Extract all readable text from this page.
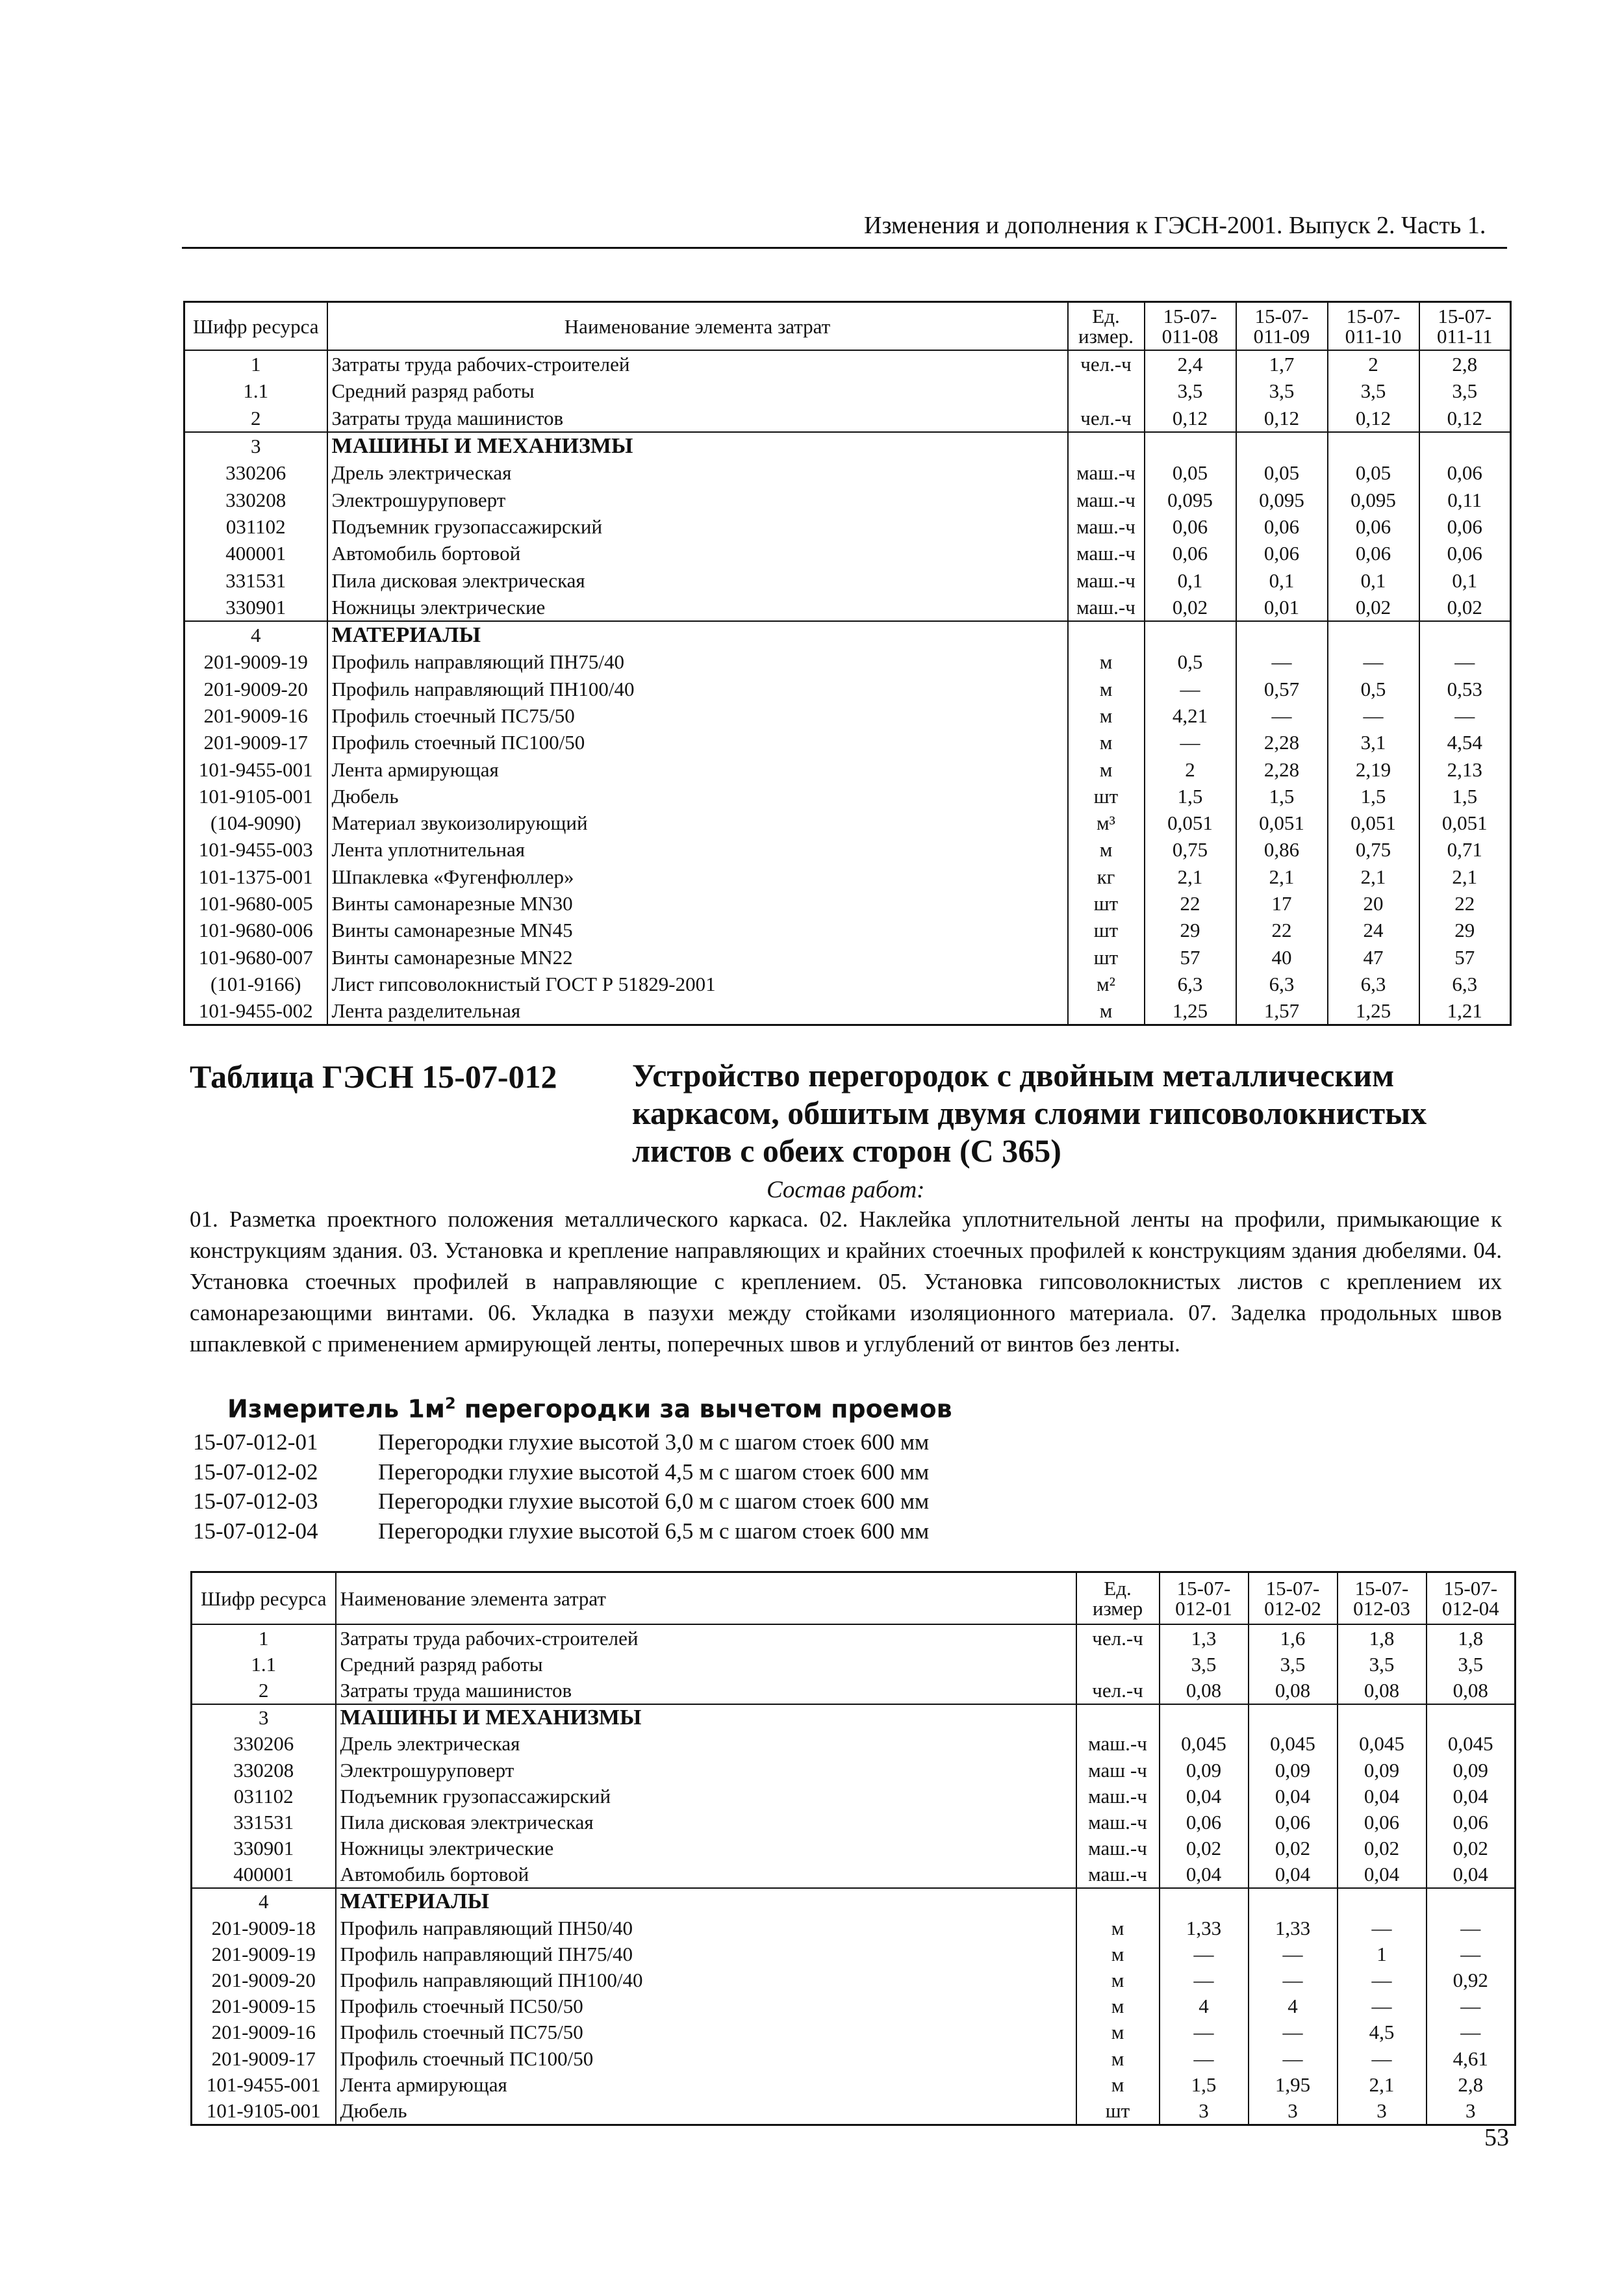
Изменения и дополнения к ГЭСН-2001. Выпуск 2. Часть 1.
Шифр ресурса	Наименование элемента затрат	Ед. измер.	15-07- 011-08	15-07- 011-09	15-07- 011-10	15-07- 011-11
1	Затраты труда рабочих-строителей	чел.-ч	2,4	1,7	2	2,8
1.1	Средний разряд работы		3,5	3,5	3,5	3,5
2	Затраты труда машинистов	чел.-ч	0,12	0,12	0,12	0,12
3	МАШИНЫ И МЕХАНИЗМЫ					
330206	Дрель электрическая	маш.-ч	0,05	0,05	0,05	0,06
330208	Электрошуруповерт	маш.-ч	0,095	0,095	0,095	0,11
031102	Подъемник грузопассажирский	маш.-ч	0,06	0,06	0,06	0,06
400001	Автомобиль бортовой	маш.-ч	0,06	0,06	0,06	0,06
331531	Пила дисковая электрическая	маш.-ч	0,1	0,1	0,1	0,1
330901	Ножницы электрические	маш.-ч	0,02	0,01	0,02	0,02
4	МАТЕРИАЛЫ					
201-9009-19	Профиль направляющий ПН75/40	м	0,5	—	—	—
201-9009-20	Профиль направляющий ПН100/40	м	—	0,57	0,5	0,53
201-9009-16	Профиль стоечный ПС75/50	м	4,21	—	—	—
201-9009-17	Профиль стоечный ПС100/50	м	—	2,28	3,1	4,54
101-9455-001	Лента армирующая	м	2	2,28	2,19	2,13
101-9105-001	Дюбель	шт	1,5	1,5	1,5	1,5
(104-9090)	Материал звукоизолирующий	м³	0,051	0,051	0,051	0,051
101-9455-003	Лента уплотнительная	м	0,75	0,86	0,75	0,71
101-1375-001	Шпаклевка «Фугенфюллер»	кг	2,1	2,1	2,1	2,1
101-9680-005	Винты самонарезные MN30	шт	22	17	20	22
101-9680-006	Винты самонарезные MN45	шт	29	22	24	29
101-9680-007	Винты самонарезные MN22	шт	57	40	47	57
(101-9166)	Лист гипсоволокнистый ГОСТ Р 51829-2001	м²	6,3	6,3	6,3	6,3
101-9455-002	Лента разделительная	м	1,25	1,57	1,25	1,21
Таблица ГЭСН 15-07-012 Устройство перегородок с двойным металлическим каркасом, обшитым двумя слоями гипсоволокнистых листов с обеих сторон (С 365)
Состав работ:
01. Разметка проектного положения металлического каркаса. 02. Наклейка уплотнительной ленты на профили, примыкающие к конструкциям здания. 03. Установка и крепление направляющих и крайних стоечных профилей к конструкциям здания дюбелями. 04. Установка стоечных профилей в направляющие с креплением. 05. Установка гипсоволокнистых листов с креплением их самонарезающими винтами. 06. Укладка в пазухи между стойками изоляционного материала. 07. Заделка продольных швов шпаклевкой с применением армирующей ленты, поперечных швов и углублений от винтов без ленты.
Измеритель $1м^2$ перегородки за вычетом проемов
15-07-012-01	Перегородки глухие высотой 3,0 м с шагом стоек 600 мм
15-07-012-02	Перегородки глухие высотой 4,5 м с шагом стоек 600 мм
15-07-012-03	Перегородки глухие высотой 6,0 м с шагом стоек 600 мм
15-07-012-04	Перегородки глухие высотой 6,5 м с шагом стоек 600 мм
Шифр ресурса	Наименование элемента затрат	Ед. измер	15-07- 012-01	15-07- 012-02	15-07- 012-03	15-07- 012-04
1	Затраты труда рабочих-строителей	чел.-ч	1,3	1,6	1,8	1,8
1.1	Средний разряд работы		3,5	3,5	3,5	3,5
2	Затраты труда машинистов	чел.-ч	0,08	0,08	0,08	0,08
3	МАШИНЫ И МЕХАНИЗМЫ					
330206	Дрель электрическая	маш.-ч	0,045	0,045	0,045	0,045
330208	Электрошуруповерт	маш -ч	0,09	0,09	0,09	0,09
031102	Подъемник грузопассажирский	маш.-ч	0,04	0,04	0,04	0,04
331531	Пила дисковая электрическая	маш.-ч	0,06	0,06	0,06	0,06
330901	Ножницы электрические	маш.-ч	0,02	0,02	0,02	0,02
400001	Автомобиль бортовой	маш.-ч	0,04	0,04	0,04	0,04
4	МАТЕРИАЛЫ					
201-9009-18	Профиль направляющий ПН50/40	м	1,33	1,33	—	—
201-9009-19	Профиль направляющий ПН75/40	м	—	—	1	—
201-9009-20	Профиль направляющий ПН100/40	м	—	—	—	0,92
201-9009-15	Профиль стоечный ПС50/50	м	4	4	—	—
201-9009-16	Профиль стоечный ПС75/50	м	—	—	4,5	—
201-9009-17	Профиль стоечный ПС100/50	м	—	—	—	4,61
101-9455-001	Лента армирующая	м	1,5	1,95	2,1	2,8
101-9105-001	Дюбель	шт	3	3	3	3
53
